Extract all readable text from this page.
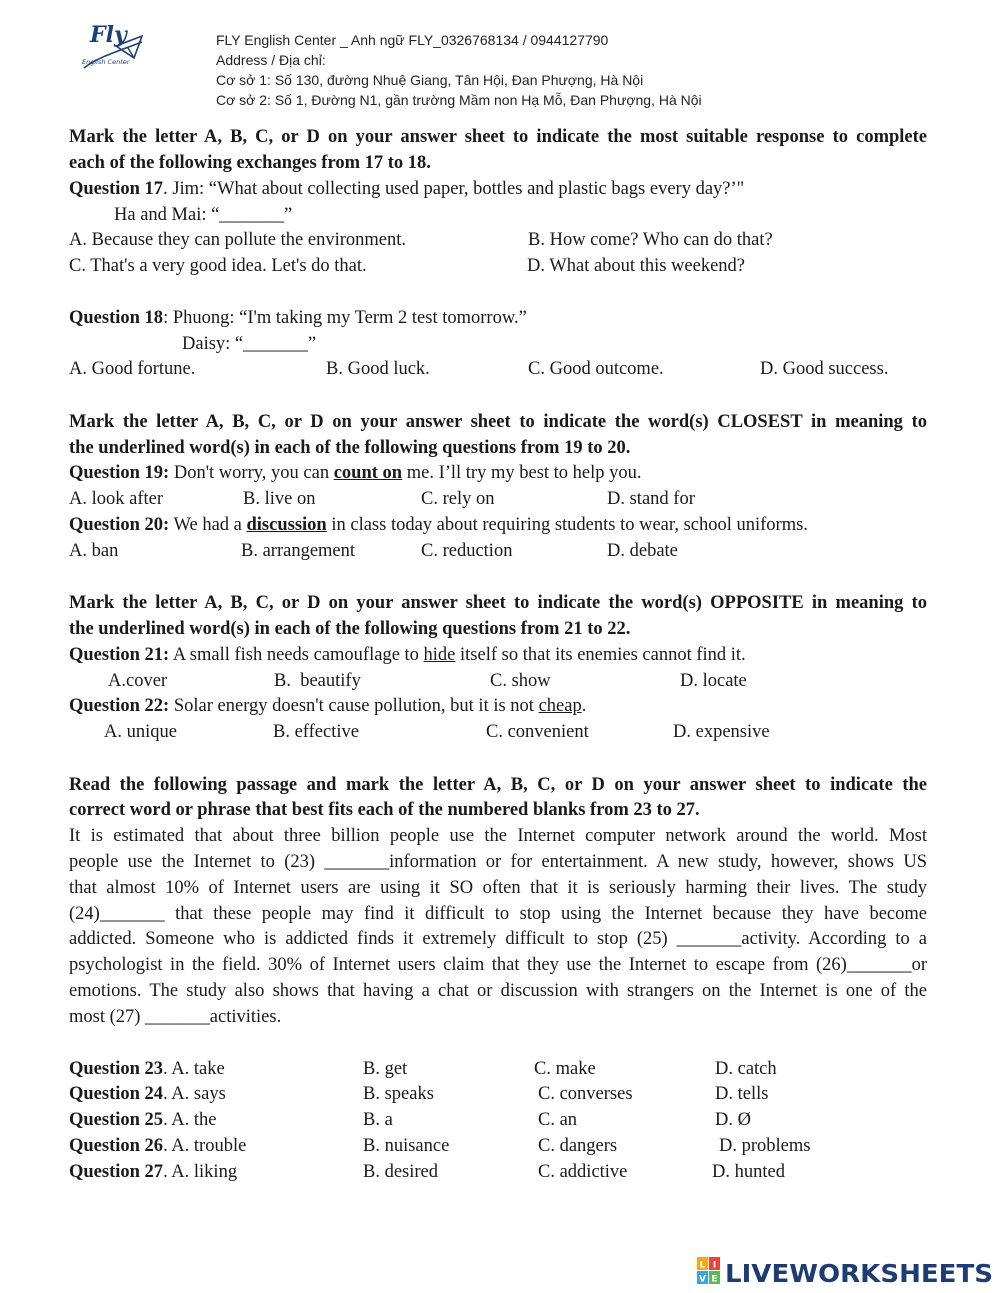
Fly
English Center
FLY English Center _ Anh ngữ FLY_0326768134 / 0944127790
Address / Địa chỉ:
Cơ sở 1: Số 130, đường Nhuệ Giang, Tân Hội, Đan Phượng, Hà Nội
Cơ sở 2: Số 1, Đường N1, gần trường Mầm non Hạ Mỗ, Đan Phượng, Hà Nội
Mark the letter A, B, C, or D on your answer sheet to indicate the most suitable response to complete
each of the following exchanges from 17 to 18.
Question 17. Jim: “What about collecting used paper, bottles and plastic bags every day?’"
Ha and Mai: “_______”
A. Because they can pollute the environment.	B. How come? Who can do that?
C. That's a very good idea. Let's do that.	D. What about this weekend?
Question 18: Phuong: “I'm taking my Term 2 test tomorrow.”
Daisy: “_______”
A. Good fortune.	B. Good luck.	C. Good outcome.	D. Good success.
Mark the letter A, B, C, or D on your answer sheet to indicate the word(s) CLOSEST in meaning to
the underlined word(s) in each of the following questions from 19 to 20.
Question 19: Don't worry, you can count on me. I’ll try my best to help you.
A. look after	B. live on	C. rely on	D. stand for
Question 20: We had a discussion in class today about requiring students to wear, school uniforms.
A. ban	B. arrangement	C. reduction	D. debate
Mark the letter A, B, C, or D on your answer sheet to indicate the word(s) OPPOSITE in meaning to
the underlined word(s) in each of the following questions from 21 to 22.
Question 21: A small fish needs camouflage to hide itself so that its enemies cannot find it.
A.cover	B.  beautify	C. show	D. locate
Question 22: Solar energy doesn't cause pollution, but it is not cheap.
A. unique	B. effective	C. convenient	D. expensive
Read the following passage and mark the letter A, B, C, or D on your answer sheet to indicate the
correct word or phrase that best fits each of the numbered blanks from 23 to 27.
It is estimated that about three billion people use the Internet computer network around the world. Most
people use the Internet to (23) _______information or for entertainment. A new study, however, shows US
that almost 10% of Internet users are using it SO often that it is seriously harming their lives. The study
(24)_______ that these people may find it difficult to stop using the Internet because they have become
addicted. Someone who is addicted finds it extremely difficult to stop (25) _______activity. According to a
psychologist in the field. 30% of Internet users claim that they use the Internet to escape from (26)_______or
emotions. The study also shows that having a chat or discussion with strangers on the Internet is one of the
most (27) _______activities.
Question 23. A. take	B. get	C. make	D. catch
Question 24. A. says	B. speaks	C. converses	D. tells
Question 25. A. the	B. a	C. an	D. Ø
Question 26. A. trouble	B. nuisance	C. dangers	D. problems
Question 27. A. liking	B. desired	C. addictive	D. hunted
L I
V E LIVEWORKSHEETS
